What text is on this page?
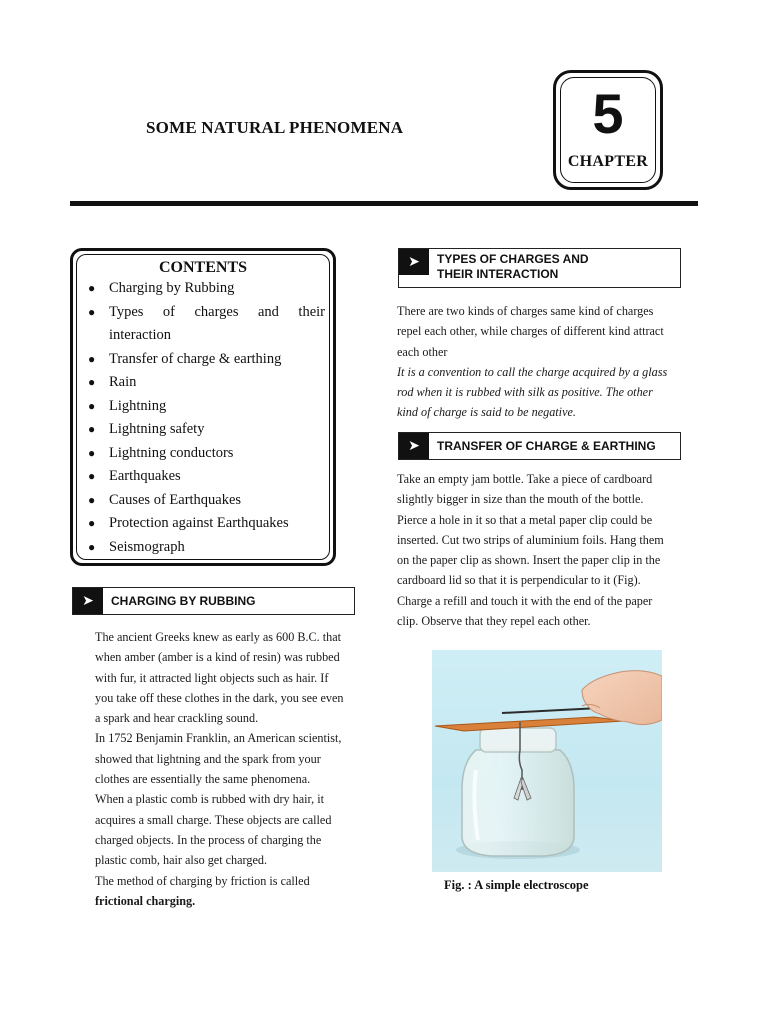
SOME NATURAL PHENOMENA	5
CHAPTER
CONTENTS
● Charging by Rubbing
● Types of charges and their
interaction
● Transfer of charge & earthing
● Rain
● Lightning
● Lightning safety
● Lightning conductors
● Earthquakes
● Causes of Earthquakes
● Protection against Earthquakes
● Seismograph
➤	CHARGING BY RUBBING

The ancient Greeks knew as early as 600 B.C. that

when amber (amber is a kind of resin) was rubbed

with fur, it attracted light objects such as hair. If

you take off these clothes in the dark, you see even

a spark and hear crackling sound.

In 1752 Benjamin Franklin, an American scientist,

showed that lightning and the spark from your

clothes are essentially the same phenomena.

When a plastic comb is rubbed with dry hair, it

acquires a small charge. These objects are called

charged objects. In the process of charging the

plastic comb, hair also get charged.

The method of charging by friction is called

frictional charging.

➤	TYPES OF CHARGES AND
THEIR INTERACTION

There are two kinds of charges same kind of charges

repel each other, while charges of different kind attract

each other

It is a convention to call the charge acquired by a glass

rod when it is rubbed with silk as positive. The other

kind of charge is said to be negative.

➤	TRANSFER OF CHARGE & EARTHING

Take an empty jam bottle. Take a piece of cardboard

slightly bigger in size than the mouth of the bottle.

Pierce a hole in it so that a metal paper clip could be

inserted. Cut two strips of aluminium foils. Hang them

on the paper clip as shown. Insert the paper clip in the

cardboard lid so that it is perpendicular to it (Fig).

Charge a refill and touch it with the end of the paper

clip. Observe that they repel each other.

Fig. : A simple electroscope
